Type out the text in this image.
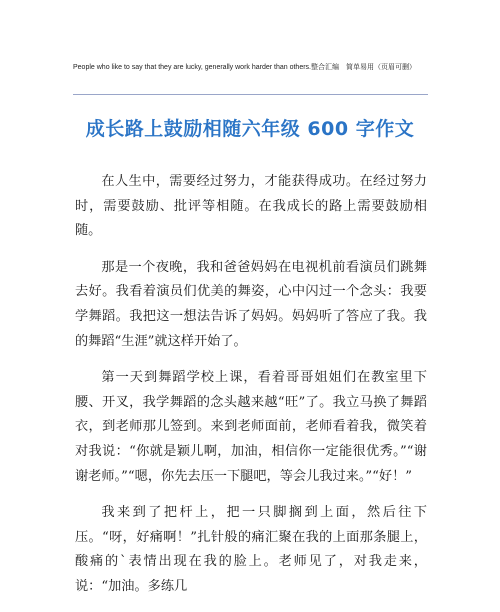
People who like to say that they are lucky, generally work harder than others.整合汇编　简单易用（页眉可删）
成长路上鼓励相随六年级 600 字作文

在人生中，需要经过努力，才能获得成功。在经过努力时，需要鼓励、批评等相随。在我成长的路上需要鼓励相随。

那是一个夜晚，我和爸爸妈妈在电视机前看演员们跳舞去好。我看着演员们优美的舞姿，心中闪过一个念头：我要学舞蹈。我把这一想法告诉了妈妈。妈妈听了答应了我。我的舞蹈“生涯”就这样开始了。

第一天到舞蹈学校上课，看着哥哥姐姐们在教室里下腰、开叉，我学舞蹈的念头越来越“旺”了。我立马换了舞蹈衣，到老师那儿签到。来到老师面前，老师看着我，微笑着对我说：“你就是颖儿啊，加油，相信你一定能很优秀。”“谢谢老师。”“嗯，你先去压一下腿吧，等会儿我过来。”“好！”

我来到了把杆上，把一只脚搁到上面，然后往下压。“呀，好痛啊！”扎针般的痛汇聚在我的上面那条腿上，酸痛的`表情出现在我的脸上。老师见了，对我走来，说：“加油。多练几
